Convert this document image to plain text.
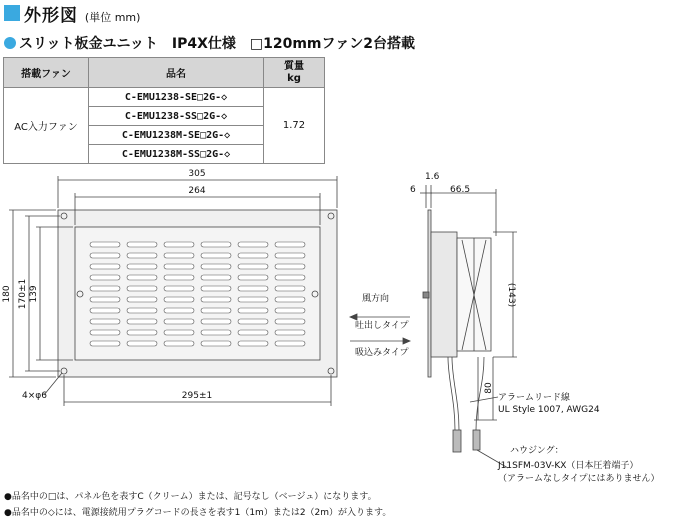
外形図 (単位 mm)
スリット板金ユニット　IP4X仕様　□120mmファン2台搭載
搭載ファン	品名	質量
kg
AC入力ファン	C-EMU1238-SE□2G-◇	1.72
	C-EMU1238-SS□2G-◇	
	C-EMU1238M-SE□2G-◇	
	C-EMU1238M-SS□2G-◇	
305
264
180 170±1 139
295±1
4×φ6
1.6
6	66.5
(143)
80
風方向
吐出しタイプ
吸込みタイプ
アラームリード線
UL Style 1007, AWG24
ハウジング：
J11SFM-03V-KX（日本圧着端子）
（アラームなしタイプにはありません）
●品名中の□は、パネル色を表すC（クリーム）または、記号なし（ベージュ）になります。
●品名中の◇には、電源接続用プラグコードの長さを表す1（1m）または2（2m）が入ります。
